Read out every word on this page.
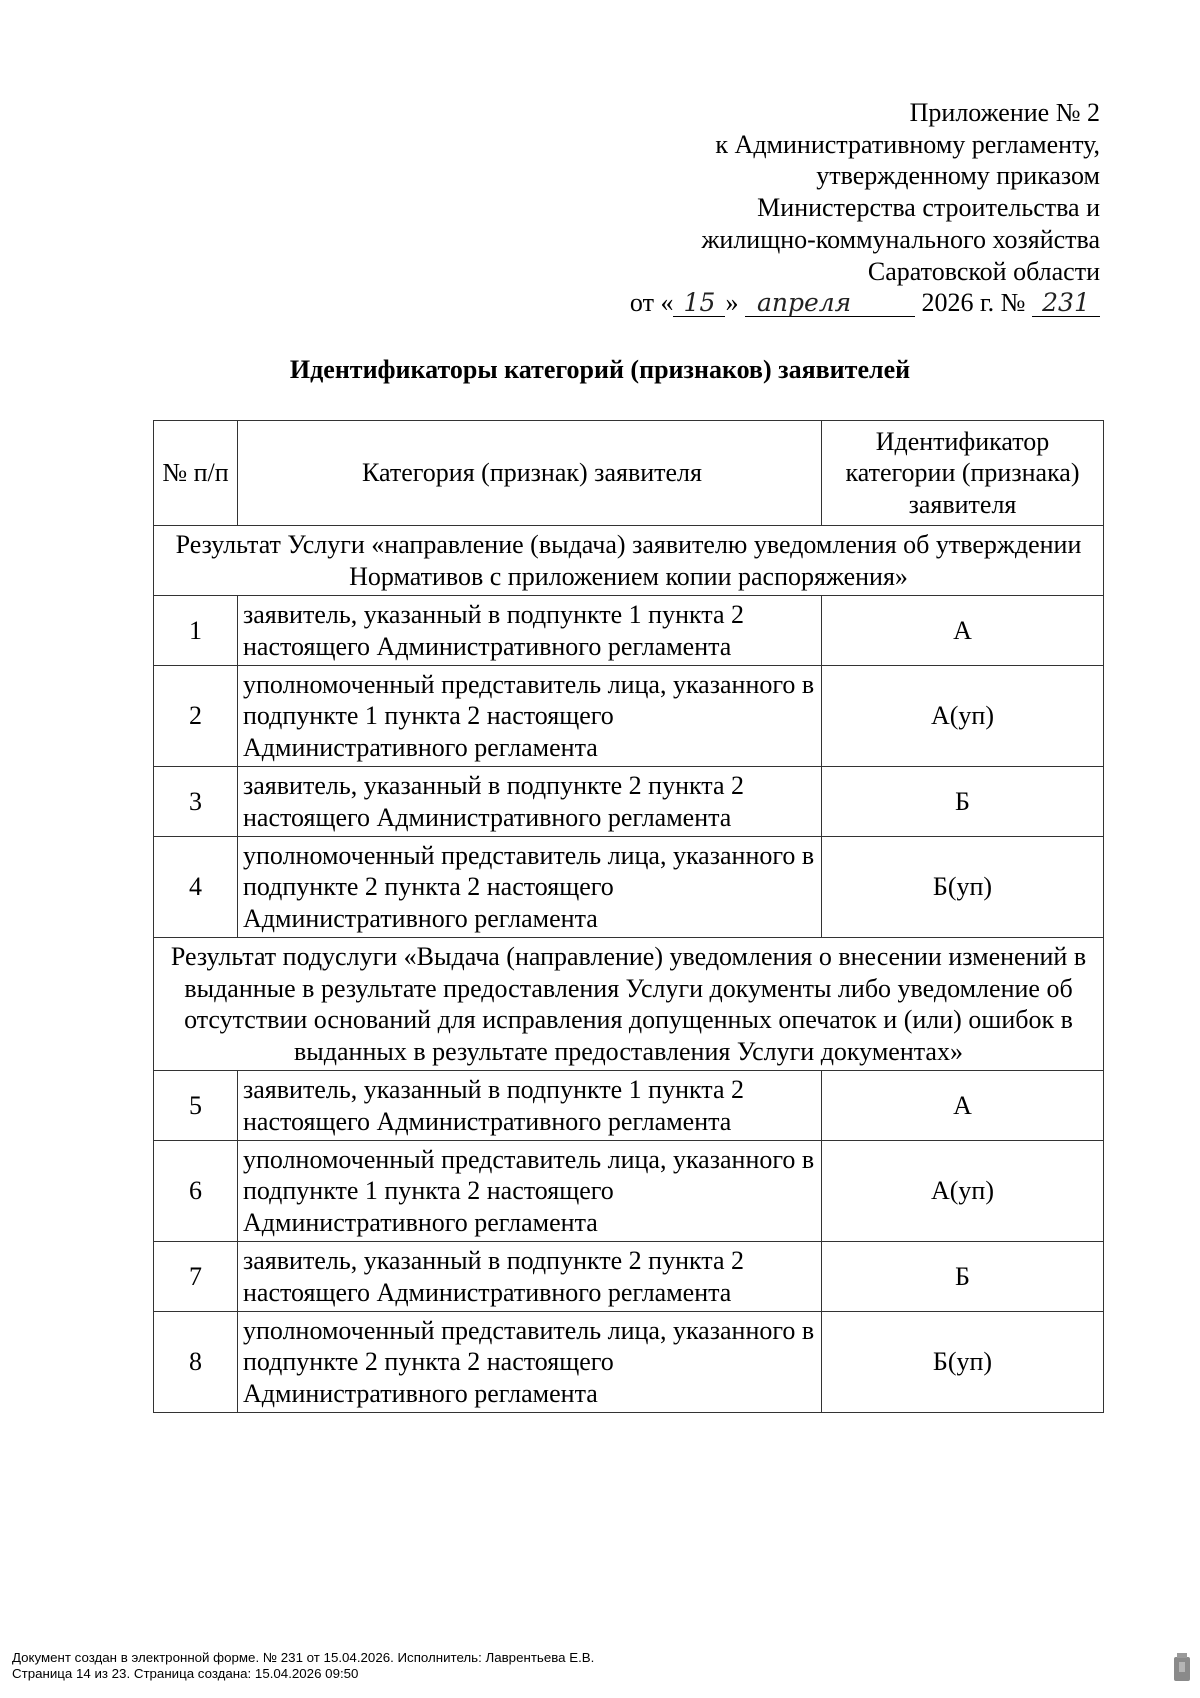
Приложение № 2
к Административному регламенту,
утвержденному приказом
Министерства строительства и
жилищно-коммунального хозяйства
Саратовской области
от « 15 » апреля	2026 г. № 231
Идентификаторы категорий (признаков) заявителей
№ п/п	Категория (признак) заявителя	Идентификатор категории (признака) заявителя
Результат Услуги «направление (выдача) заявителю уведомления об утверждении Нормативов с приложением копии распоряжения»		
1	заявитель, указанный в подпункте 1 пункта 2 настоящего Административного регламента	А
2	уполномоченный представитель лица, указанного в подпункте 1 пункта 2 настоящего Административного регламента	А(уп)
3	заявитель, указанный в подпункте 2 пункта 2 настоящего Административного регламента	Б
4	уполномоченный представитель лица, указанного в подпункте 2 пункта 2 настоящего Административного регламента	Б(уп)
Результат подуслуги «Выдача (направление) уведомления о внесении изменений в выданные в результате предоставления Услуги документы либо уведомление об отсутствии оснований для исправления допущенных опечаток и (или) ошибок в выданных в результате предоставления Услуги документах»		
5	заявитель, указанный в подпункте 1 пункта 2 настоящего Административного регламента	А
6	уполномоченный представитель лица, указанного в подпункте 1 пункта 2 настоящего Административного регламента	А(уп)
7	заявитель, указанный в подпункте 2 пункта 2 настоящего Административного регламента	Б
8	уполномоченный представитель лица, указанного в подпункте 2 пункта 2 настоящего Административного регламента	Б(уп)
Документ создан в электронной форме. № 231 от 15.04.2026. Исполнитель: Лаврентьева Е.В.
Страница 14 из 23. Страница создана: 15.04.2026 09:50
